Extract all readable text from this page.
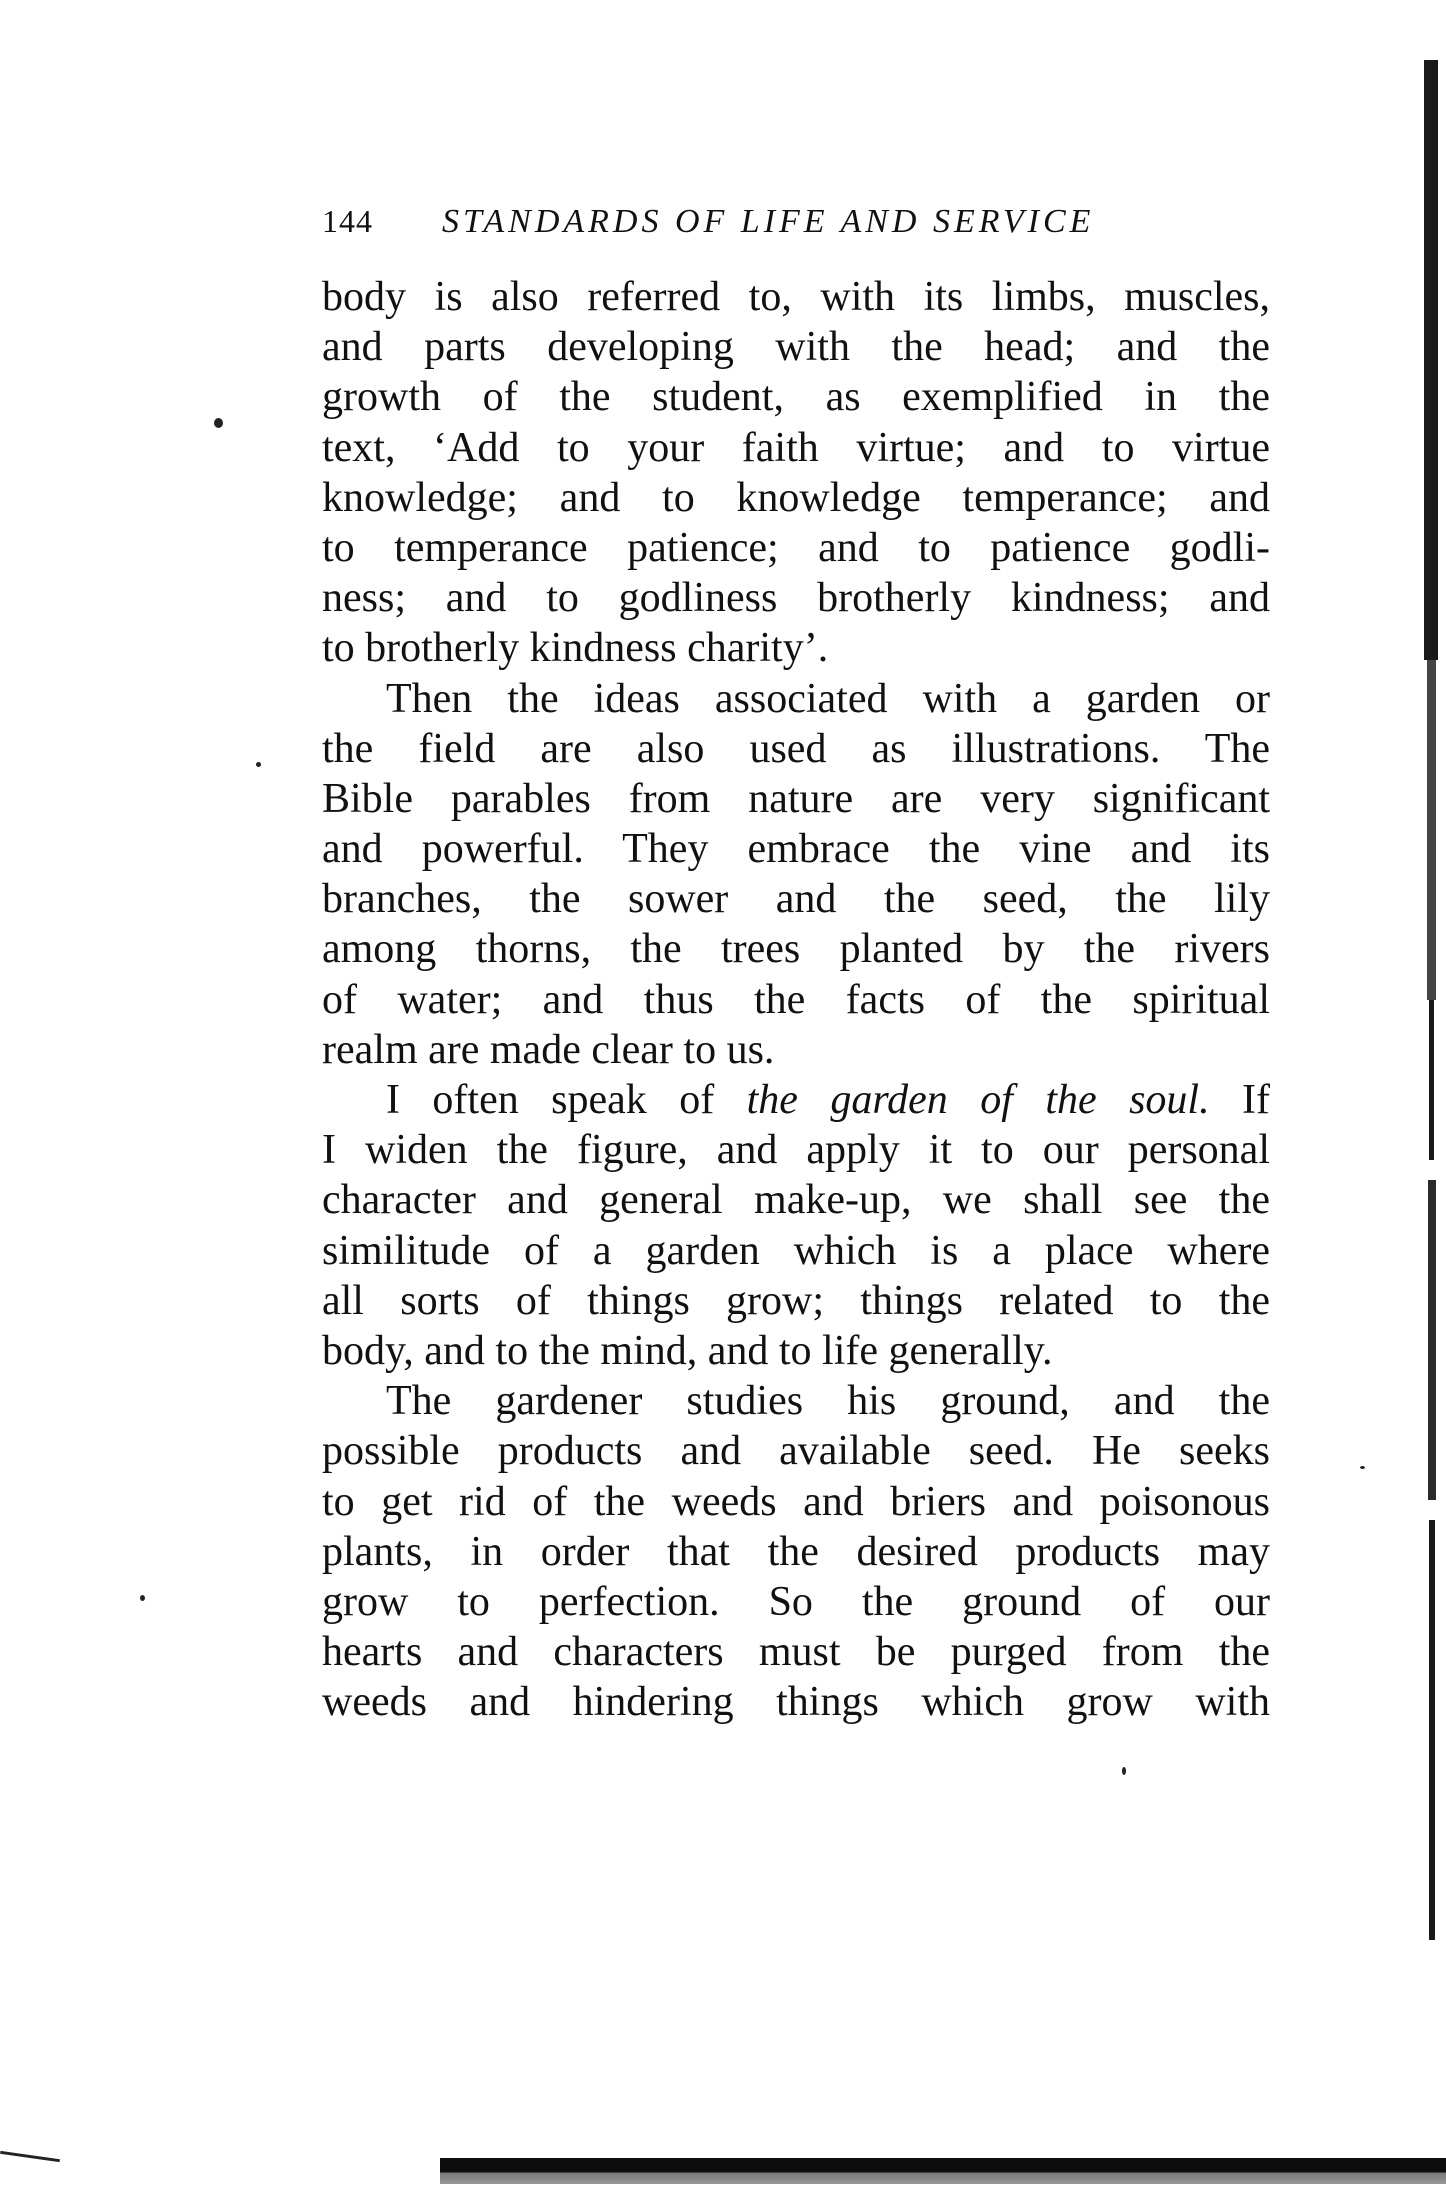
144 STANDARDS OF LIFE AND SERVICE
body is also referred to, with its limbs, muscles,
and parts developing with the head; and the
growth of the student, as exemplified in the
text, ‘Add to your faith virtue; and to virtue
knowledge; and to knowledge temperance; and
to temperance patience; and to patience godli-
ness; and to godliness brotherly kindness; and
to brotherly kindness charity’.
Then the ideas associated with a garden or
the field are also used as illustrations. The
Bible parables from nature are very significant
and powerful. They embrace the vine and its
branches, the sower and the seed, the lily
among thorns, the trees planted by the rivers
of water; and thus the facts of the spiritual
realm are made clear to us.
I often speak of the garden of the soul. If
I widen the figure, and apply it to our personal
character and general make-up, we shall see the
similitude of a garden which is a place where
all sorts of things grow; things related to the
body, and to the mind, and to life generally.
The gardener studies his ground, and the
possible products and available seed. He seeks
to get rid of the weeds and briers and poisonous
plants, in order that the desired products may
grow to perfection. So the ground of our
hearts and characters must be purged from the
weeds and hindering things which grow with
